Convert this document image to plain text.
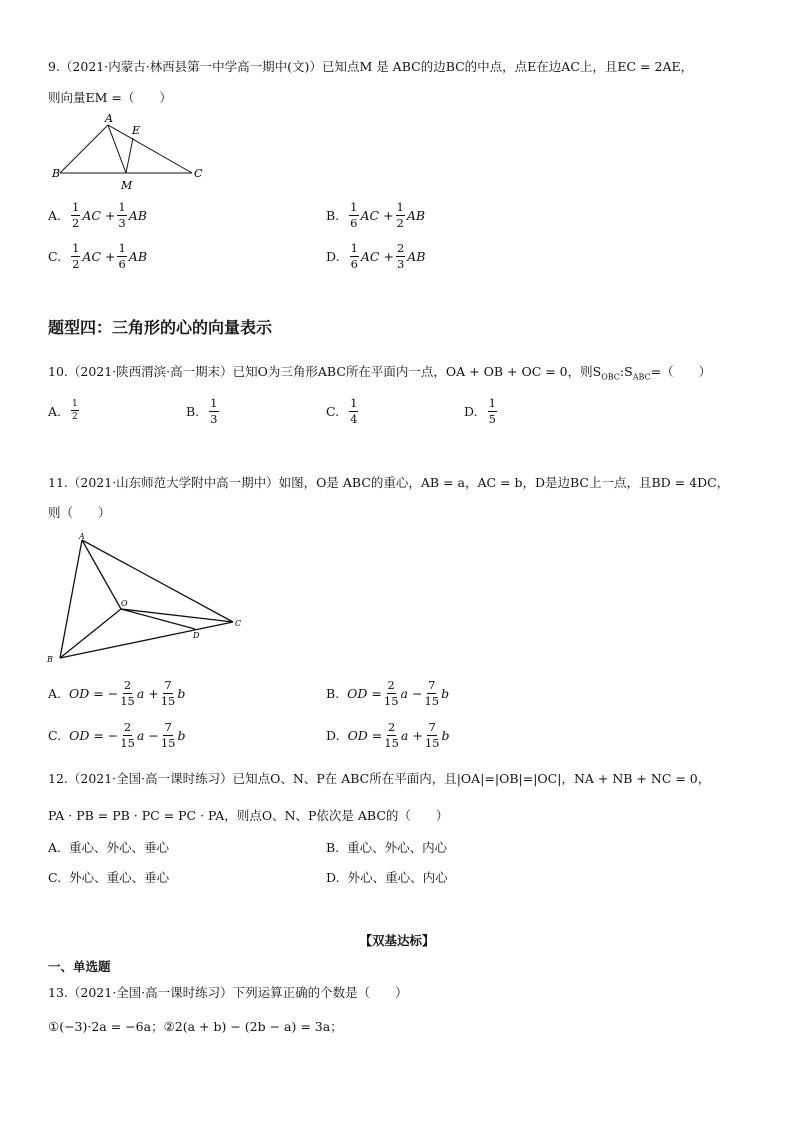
9.（2021·内蒙古·林西县第一中学高一期中(文)）已知点M 是 ABC的边BC的中点，点E在边AC上，且EC = 2AE，
则向量EM =（　　）
A
E
B
M
C
A. $\frac{1}{2}$ AC + $\frac{1}{3}$ AB	B. $\frac{1}{6}$ AC + $\frac{1}{2}$ AB
C. $\frac{1}{2}$ AC + $\frac{1}{6}$ AB	D. $\frac{1}{6}$ AC + $\frac{2}{3}$ AB
题型四：三角形的心的向量表示
10.（2021·陕西渭滨·高一期末）已知O为三角形ABC所在平面内一点，OA + OB + OC = 0，则$S_{OBC}:S_{ABC}=$（　　）
A. $\frac{1}{2}$	B. $\frac{1}{3}$	C. $\frac{1}{4}$	D. $\frac{1}{5}$
11.（2021·山东师范大学附中高一期中）如图，O是 ABC的重心，AB = a，AC = b，D是边BC上一点，且BD = 4DC，
则（　　）
A
O
D
C
B
A. OD = − $\frac{2}{15}$ $a + \frac{7}{15}$ b	B. OD = $\frac{2}{15}$ $a - \frac{7}{15}$ b
C. OD = − $\frac{2}{15}$ $a - \frac{7}{15}$ b	D. OD = $\frac{2}{15}$ $a + \frac{7}{15}$ b
12.（2021·全国·高一课时练习）已知点O、N、P在 ABC所在平面内，且|OA|=|OB|=|OC|，NA + NB + NC = 0，
PA · PB = PB · PC = PC · PA，则点O、N、P依次是 ABC的（　　）
A. 重心、外心、垂心	B. 重心、外心、内心
C. 外心、重心、垂心	D. 外心、重心、内心
【双基达标】
一、单选题
13.（2021·全国·高一课时练习）下列运算正确的个数是（　　）
①(−3)·2a = −6a；②2(a + b) − (2b − a) = 3a；
